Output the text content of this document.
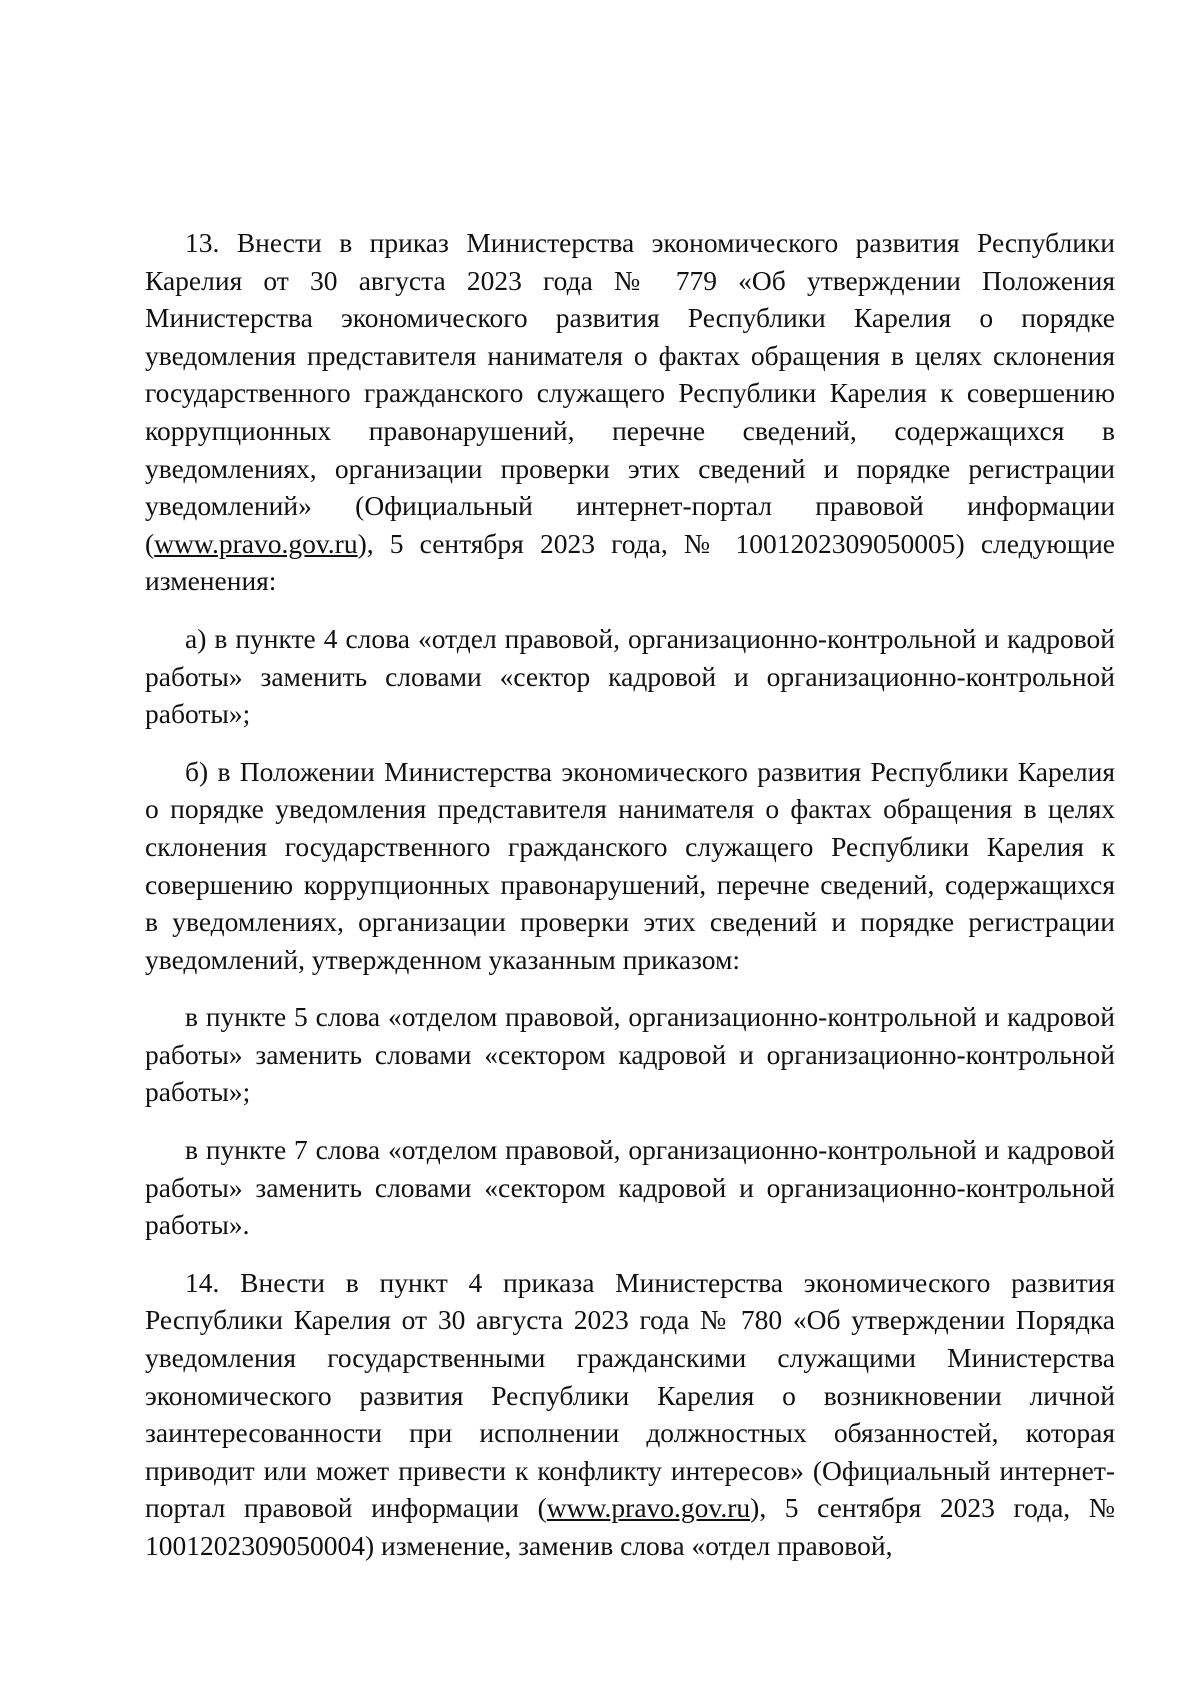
13. Внести в приказ Министерства экономического развития Республики Карелия от 30 августа 2023 года № 779 «Об утверждении Положения Министерства экономического развития Республики Карелия о порядке уведомления представителя нанимателя о фактах обращения в целях склонения государственного гражданского служащего Республики Карелия к совершению коррупционных правонарушений, перечне сведений, содержащихся в уведомлениях, организации проверки этих сведений и порядке регистрации уведомлений» (Официальный интернет-портал правовой информации (www.pravo.gov.ru), 5 сентября 2023 года, № 1001202309050005) следующие изменения:

а) в пункте 4 слова «отдел правовой, организационно-контрольной и кадровой работы» заменить словами «сектор кадровой и организационно-контрольной работы»;

б) в Положении Министерства экономического развития Республики Карелия о порядке уведомления представителя нанимателя о фактах обращения в целях склонения государственного гражданского служащего Республики Карелия к совершению коррупционных правонарушений, перечне сведений, содержащихся в уведомлениях, организации проверки этих сведений и порядке регистрации уведомлений, утвержденном указанным приказом:

в пункте 5 слова «отделом правовой, организационно-контрольной и кадровой работы» заменить словами «сектором кадровой и организационно-контрольной работы»;

в пункте 7 слова «отделом правовой, организационно-контрольной и кадровой работы» заменить словами «сектором кадровой и организационно-контрольной работы».

14. Внести в пункт 4 приказа Министерства экономического развития Республики Карелия от 30 августа 2023 года № 780 «Об утверждении Порядка уведомления государственными гражданскими служащими Министерства экономического развития Республики Карелия о возникновении личной заинтересованности при исполнении должностных обязанностей, которая приводит или может привести к конфликту интересов» (Официальный интернет-портал правовой информации (www.pravo.gov.ru), 5 сентября 2023 года, № 1001202309050004) изменение, заменив слова «отдел правовой,
